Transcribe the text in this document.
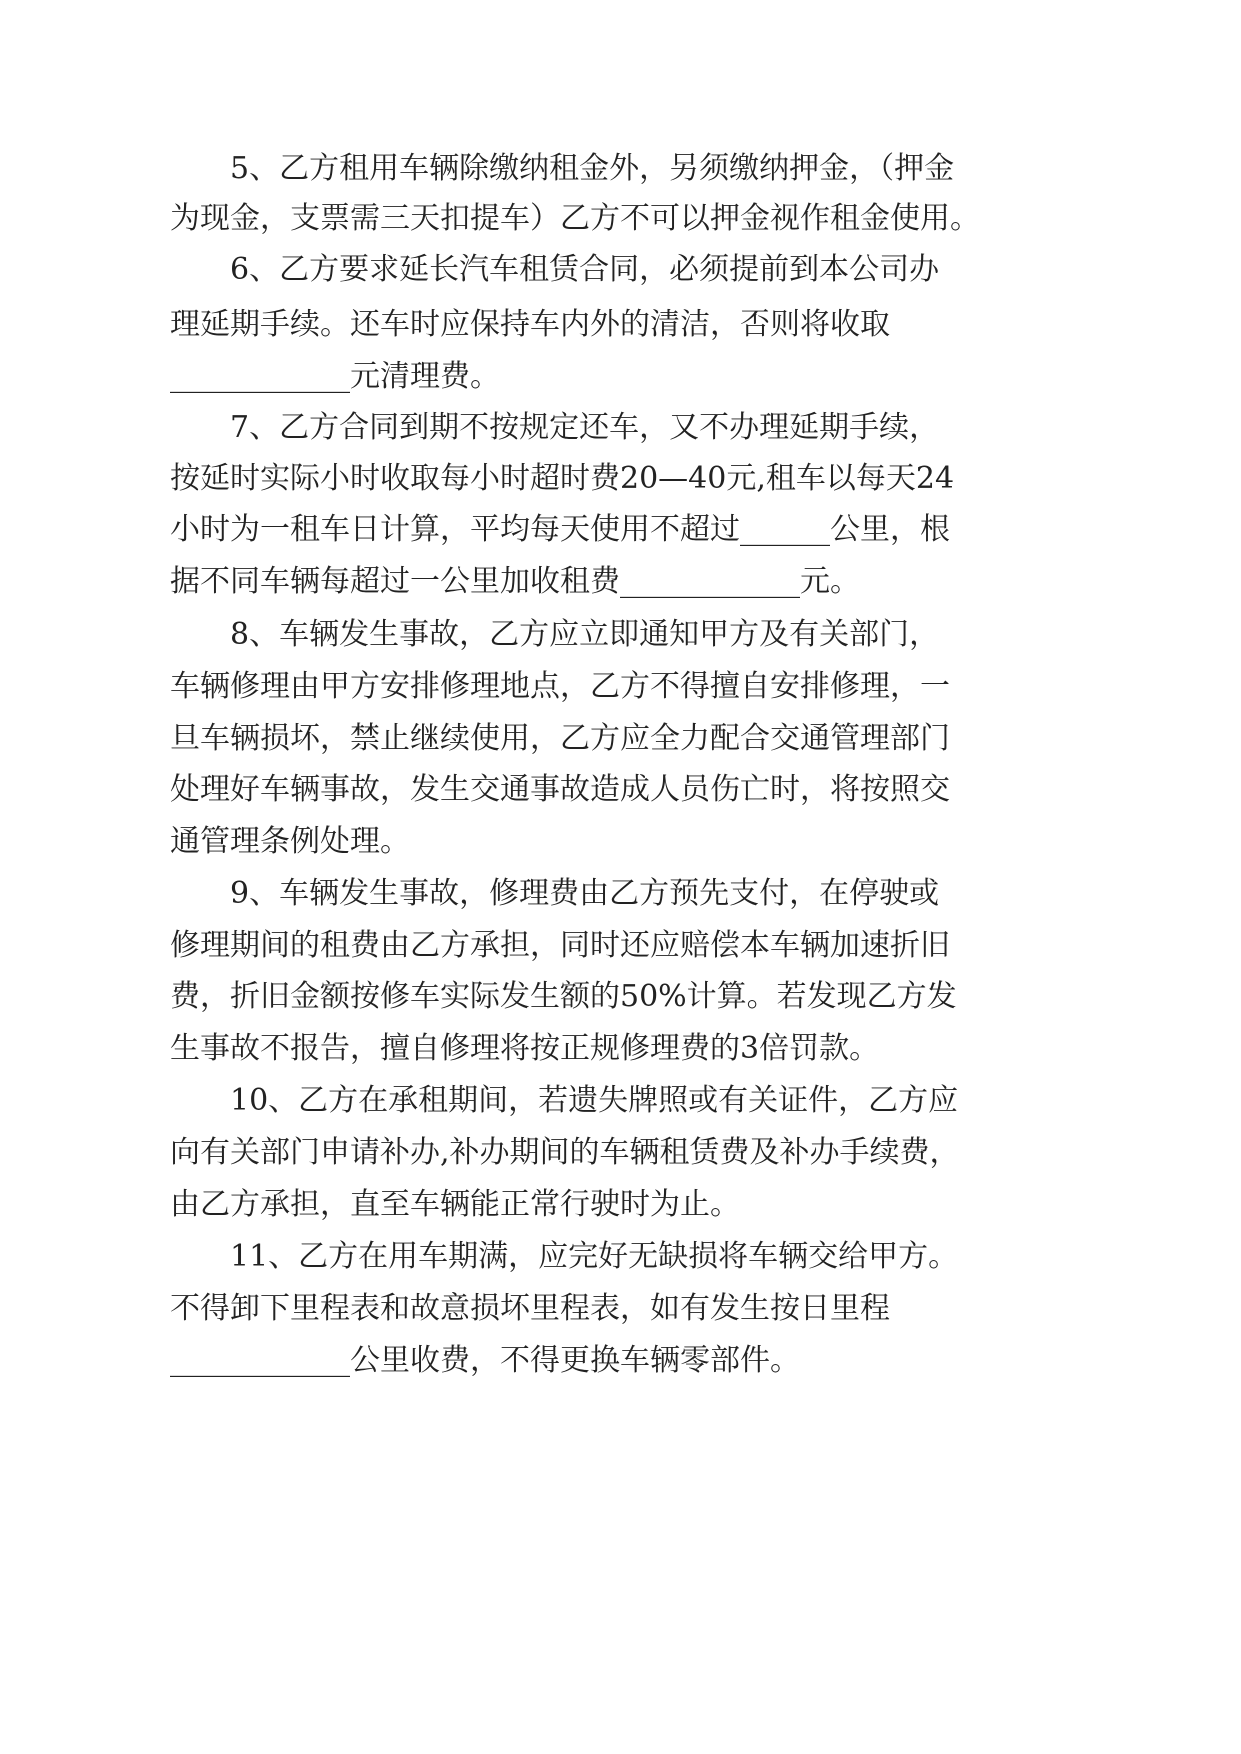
5、乙方租用车辆除缴纳租金外，另须缴纳押金，（押金
为现金，支票需三天扣提车）乙方不可以押金视作租金使用。
6、乙方要求延长汽车租赁合同，必须提前到本公司办
理延期手续。还车时应保持车内外的清洁，否则将收取
____________元清理费。
7、乙方合同到期不按规定还车，又不办理延期手续，
按延时实际小时收取每小时超时费20—40元,租车以每天24
小时为一租车日计算，平均每天使用不超过______公里，根
据不同车辆每超过一公里加收租费____________元。
8、车辆发生事故，乙方应立即通知甲方及有关部门，
车辆修理由甲方安排修理地点，乙方不得擅自安排修理，一
旦车辆损坏，禁止继续使用，乙方应全力配合交通管理部门
处理好车辆事故，发生交通事故造成人员伤亡时，将按照交
通管理条例处理。
9、车辆发生事故，修理费由乙方预先支付，在停驶或
修理期间的租费由乙方承担，同时还应赔偿本车辆加速折旧
费，折旧金额按修车实际发生额的50%计算。若发现乙方发
生事故不报告，擅自修理将按正规修理费的3倍罚款。
10、乙方在承租期间，若遗失牌照或有关证件，乙方应
向有关部门申请补办,补办期间的车辆租赁费及补办手续费，
由乙方承担，直至车辆能正常行驶时为止。
11、乙方在用车期满，应完好无缺损将车辆交给甲方。
不得卸下里程表和故意损坏里程表，如有发生按日里程
____________公里收费，不得更换车辆零部件。
